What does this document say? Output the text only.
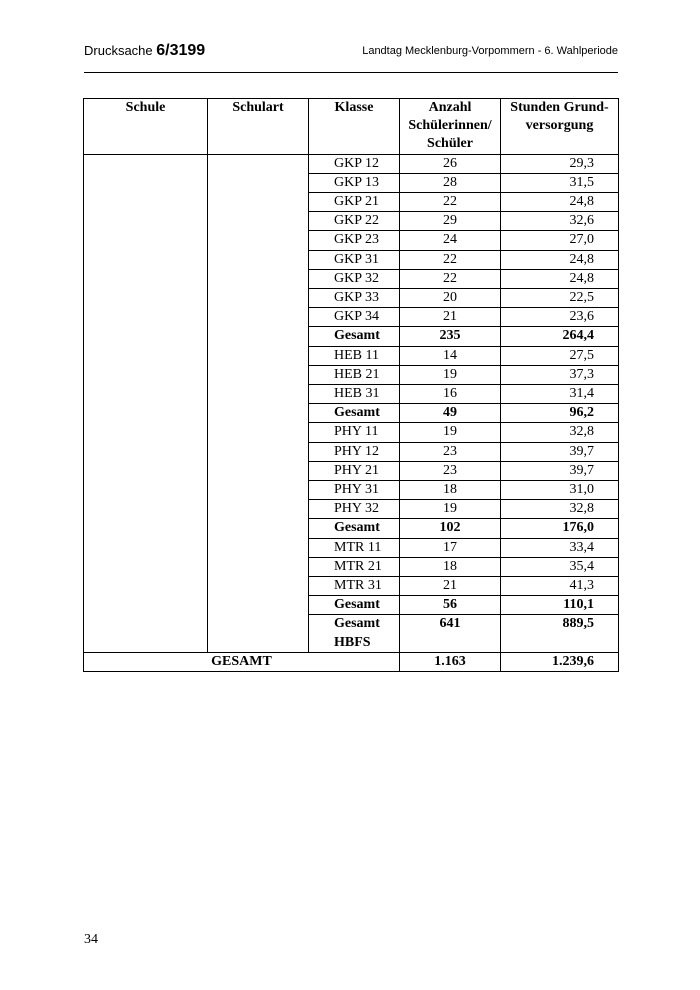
Drucksache 6/3199	Landtag Mecklenburg-Vorpommern - 6. Wahlperiode
Schule	Schulart	Klasse	Anzahl Schülerinnen/ Schüler	Stunden Grund- versorgung
		GKP 12	26	29,3
		GKP 13	28	31,5
		GKP 21	22	24,8
		GKP 22	29	32,6
		GKP 23	24	27,0
		GKP 31	22	24,8
		GKP 32	22	24,8
		GKP 33	20	22,5
		GKP 34	21	23,6
		Gesamt	235	264,4
		HEB 11	14	27,5
		HEB 21	19	37,3
		HEB 31	16	31,4
		Gesamt	49	96,2
		PHY 11	19	32,8
		PHY 12	23	39,7
		PHY 21	23	39,7
		PHY 31	18	31,0
		PHY 32	19	32,8
		Gesamt	102	176,0
		MTR 11	17	33,4
		MTR 21	18	35,4
		MTR 31	21	41,3
		Gesamt	56	110,1
		Gesamt HBFS	641	889,5
GESAMT			1.163	1.239,6
34
